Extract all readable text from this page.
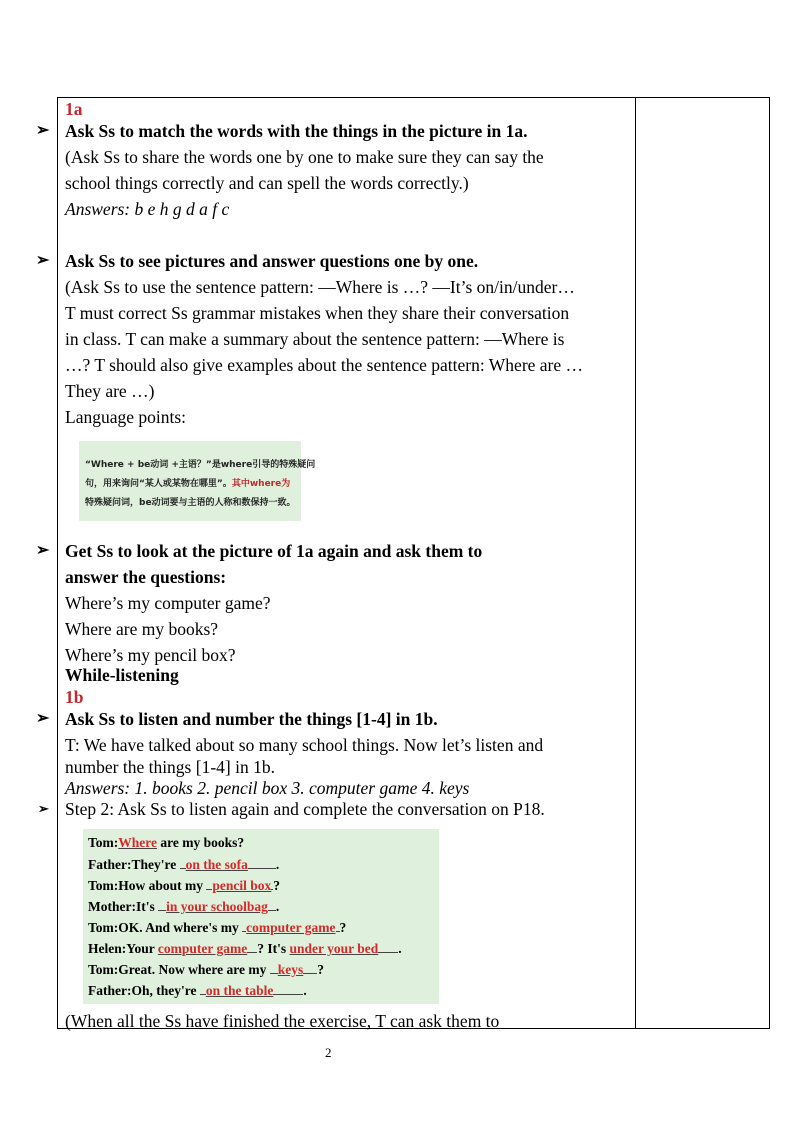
1a
➢ Ask Ss to match the words with the things in the picture in 1a.
(Ask Ss to share the words one by one to make sure they can say the
school things correctly and can spell the words correctly.)
Answers: b e h g d a f c
➢ Ask Ss to see pictures and answer questions one by one.
(Ask Ss to use the sentence pattern: —Where is …? —It’s on/in/under…
T must correct Ss grammar mistakes when they share their conversation
in class. T can make a summary about the sentence pattern: —Where is
…? T should also give examples about the sentence pattern: Where are …
They are …)
Language points:
“Where + be动词 +主语？”是where引导的特殊疑问
句，用来询问“某人或某物在哪里”。其中where为
特殊疑问词，be动词要与主语的人称和数保持一致。
➢ Get Ss to look at the picture of 1a again and ask them to
answer the questions:
Where’s my computer game?
Where are my books?
Where’s my pencil box?
While-listening
1b
➢ Ask Ss to listen and number the things [1-4] in 1b.
T: We have talked about so many school things. Now let’s listen and
number the things [1-4] in 1b.
Answers: 1. books 2. pencil box 3. computer game 4. keys
➢ Step 2: Ask Ss to listen again and complete the conversation on P18.
Tom:Where are my books?
Father:They're on the sofa .
Tom:How about my pencil box ?
Mother:It's in your schoolbag .
Tom:OK. And where's my computer game ?
Helen:Your computer game ? It's under your bed .
Tom:Great. Now where are my keys ?
Father:Oh, they're on the table .
(When all the Ss have finished the exercise, T can ask them to
2
